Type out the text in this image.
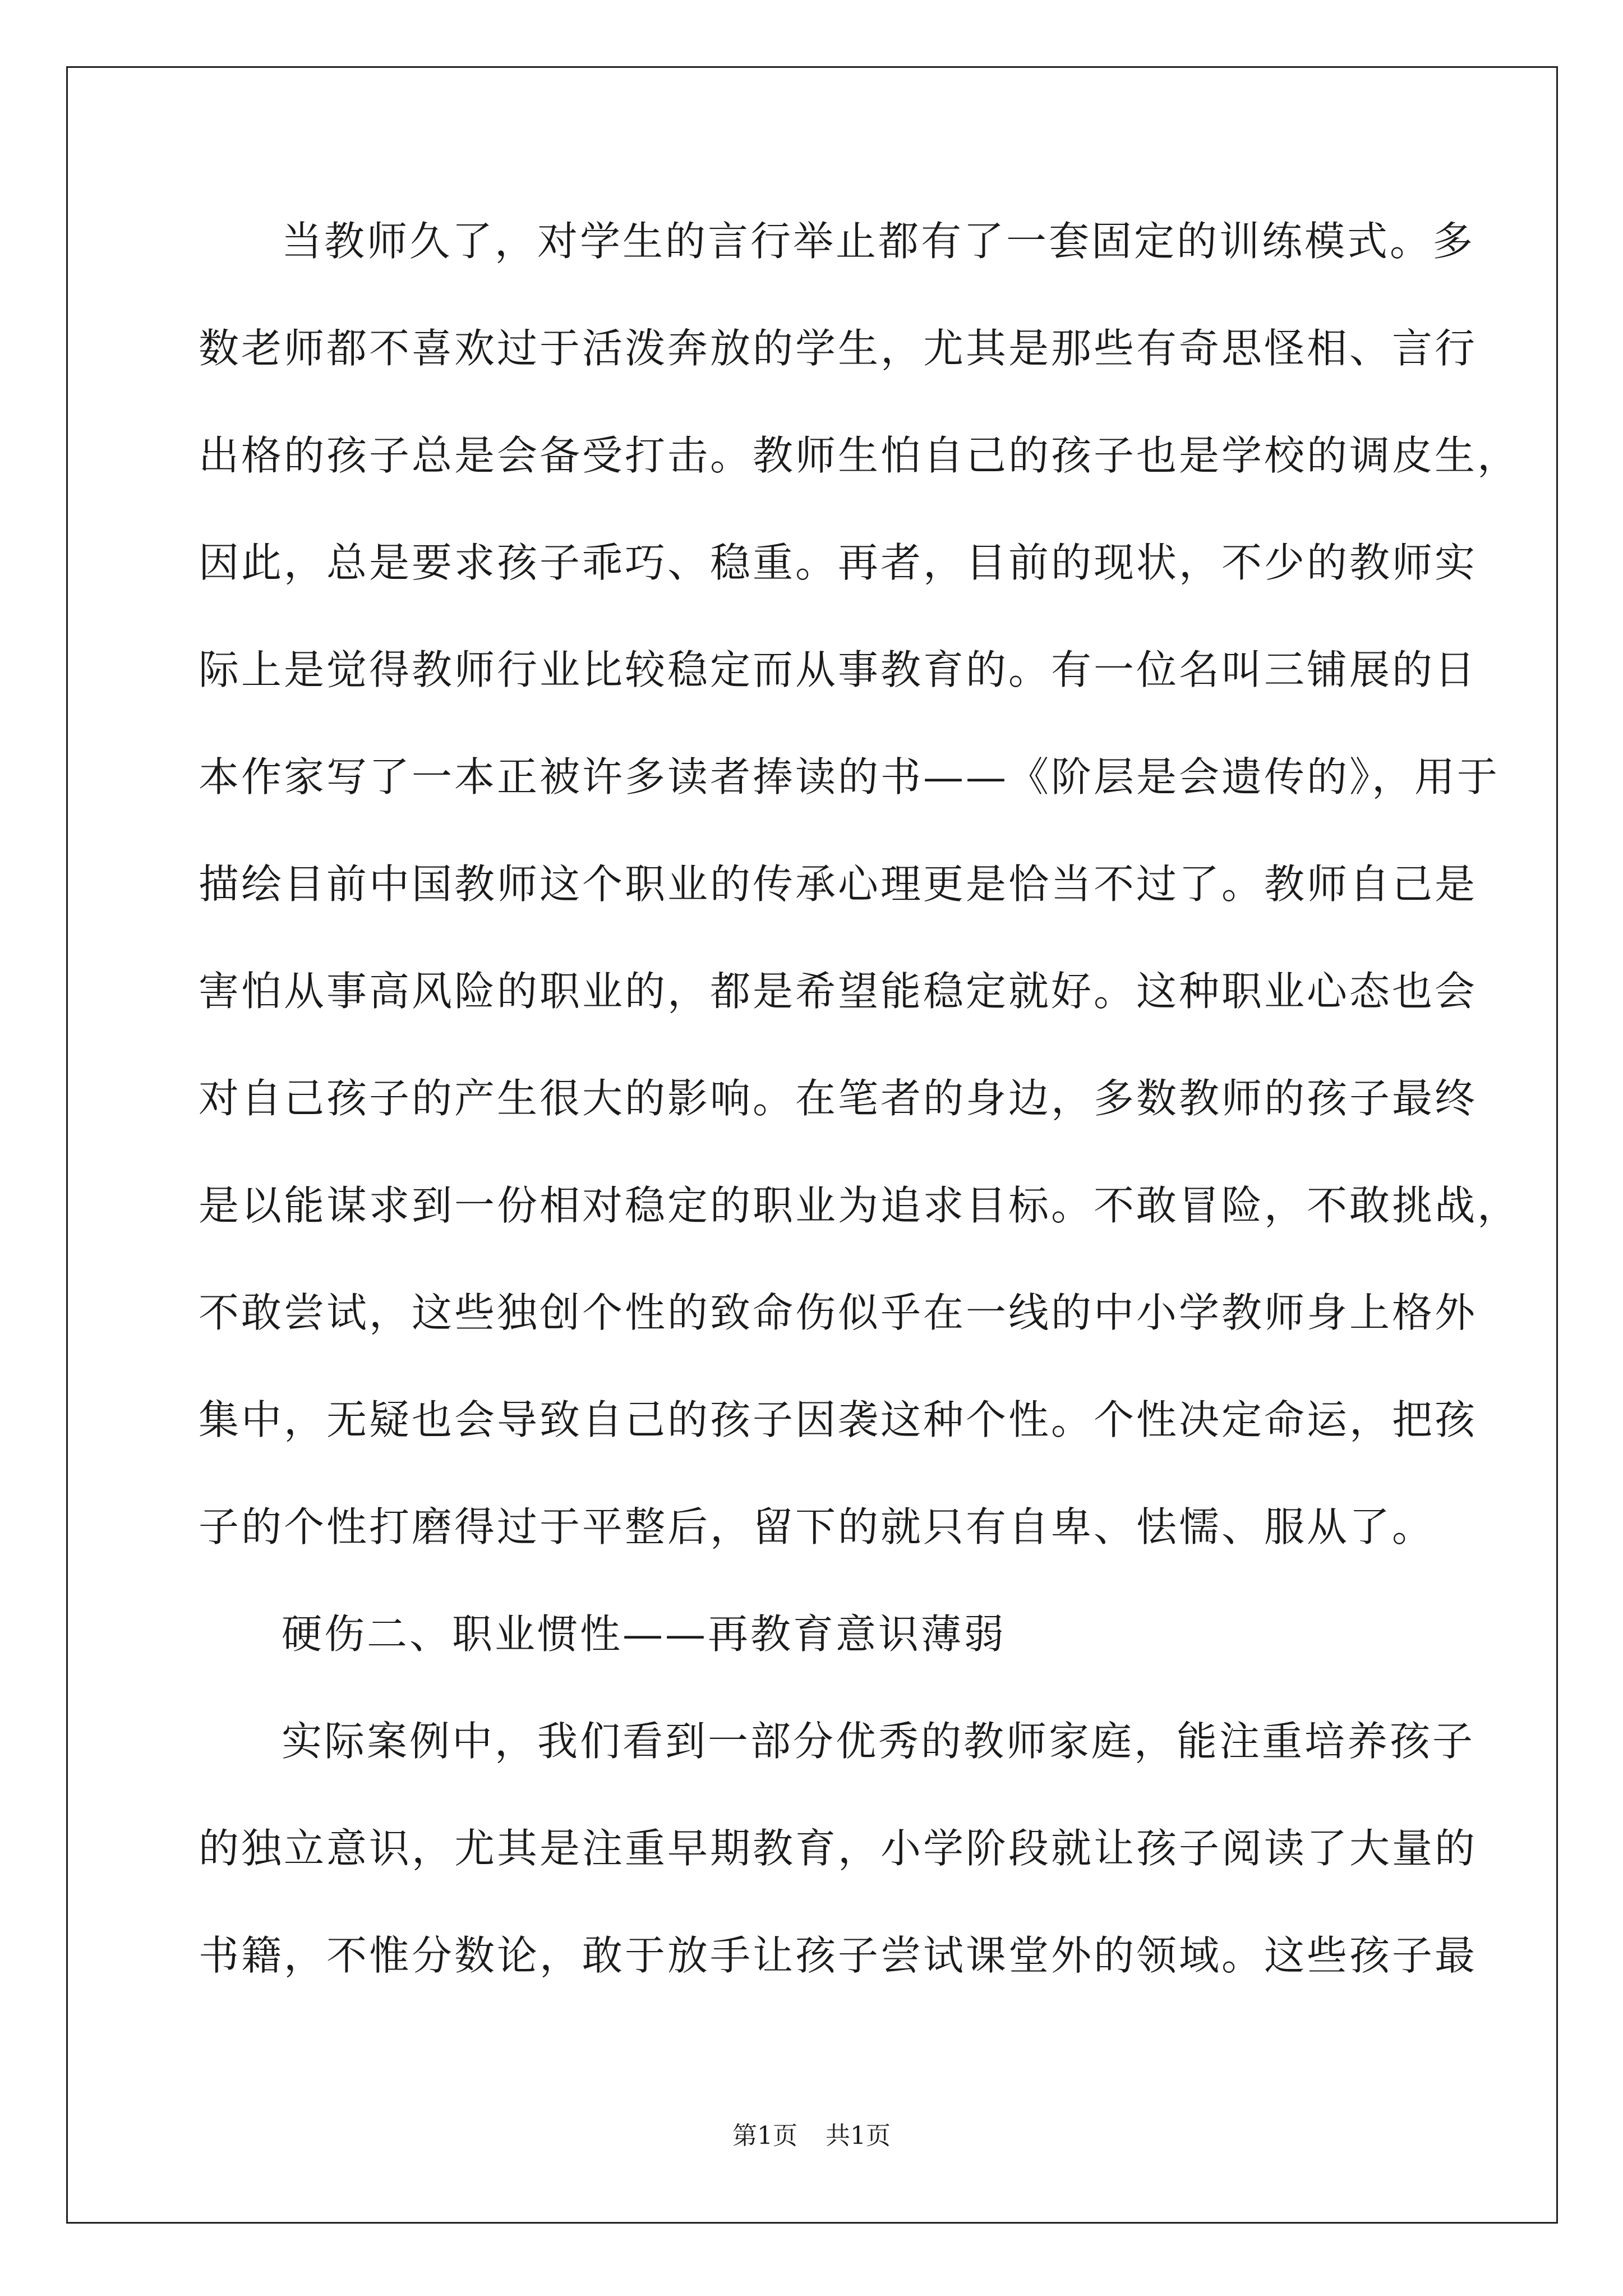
当教师久了，对学生的言行举止都有了一套固定的训练模式。多
数老师都不喜欢过于活泼奔放的学生，尤其是那些有奇思怪相、言行
出格的孩子总是会备受打击。教师生怕自己的孩子也是学校的调皮生，
因此，总是要求孩子乖巧、稳重。再者，目前的现状，不少的教师实
际上是觉得教师行业比较稳定而从事教育的。有一位名叫三铺展的日
本作家写了一本正被许多读者捧读的书——《阶层是会遗传的》，用于
描绘目前中国教师这个职业的传承心理更是恰当不过了。教师自己是
害怕从事高风险的职业的，都是希望能稳定就好。这种职业心态也会
对自己孩子的产生很大的影响。在笔者的身边，多数教师的孩子最终
是以能谋求到一份相对稳定的职业为追求目标。不敢冒险，不敢挑战，
不敢尝试，这些独创个性的致命伤似乎在一线的中小学教师身上格外
集中，无疑也会导致自己的孩子因袭这种个性。个性决定命运，把孩
子的个性打磨得过于平整后，留下的就只有自卑、怯懦、服从了。
硬伤二、职业惯性——再教育意识薄弱
实际案例中，我们看到一部分优秀的教师家庭，能注重培养孩子
的独立意识，尤其是注重早期教育，小学阶段就让孩子阅读了大量的
书籍，不惟分数论，敢于放手让孩子尝试课堂外的领域。这些孩子最
第1页 共1页
